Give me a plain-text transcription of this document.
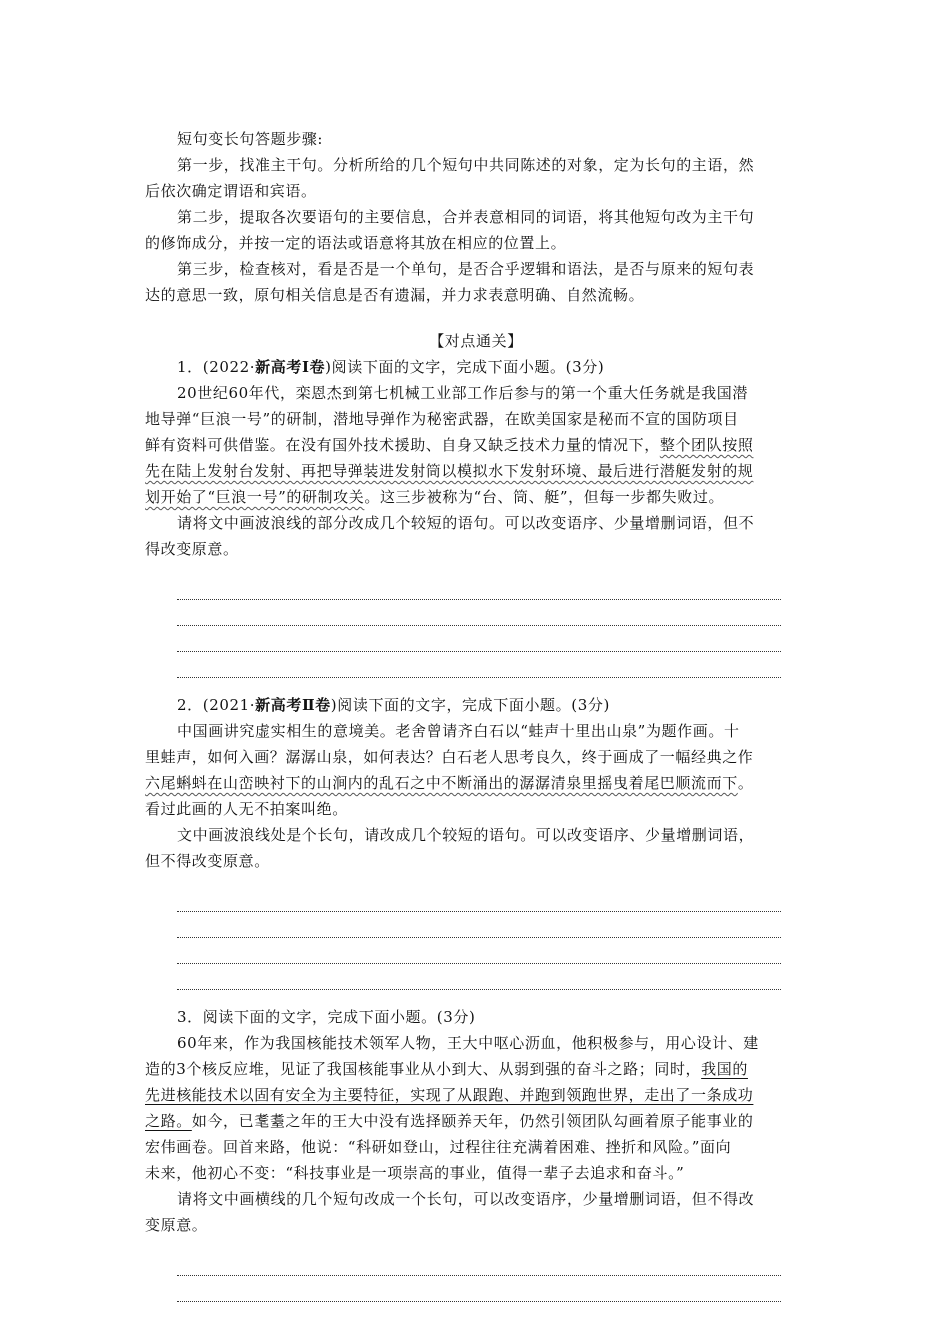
短句变长句答题步骤:
第一步，找准主干句。分析所给的几个短句中共同陈述的对象，定为长句的主语，然
后依次确定谓语和宾语。
第二步，提取各次要语句的主要信息，合并表意相同的词语，将其他短句改为主干句
的修饰成分，并按一定的语法或语意将其放在相应的位置上。
第三步，检查核对，看是否是一个单句，是否合乎逻辑和语法，是否与原来的短句表
达的意思一致，原句相关信息是否有遗漏，并力求表意明确、自然流畅。
【对点通关】
1．(2022·新高考Ⅰ卷)阅读下面的文字，完成下面小题。(3分)
20世纪60年代，栾恩杰到第七机械工业部工作后参与的第一个重大任务就是我国潜
地导弹“巨浪一号”的研制，潜地导弹作为秘密武器，在欧美国家是秘而不宣的国防项目
鲜有资料可供借鉴。在没有国外技术援助、自身又缺乏技术力量的情况下，整个团队按照
先在陆上发射台发射、再把导弹装进发射筒以模拟水下发射环境、最后进行潜艇发射的规
划开始了“巨浪一号”的研制攻关。这三步被称为“台、筒、艇”，但每一步都失败过。
请将文中画波浪线的部分改成几个较短的语句。可以改变语序、少量增删词语，但不
得改变原意。
2．(2021·新高考Ⅱ卷)阅读下面的文字，完成下面小题。(3分)
中国画讲究虚实相生的意境美。老舍曾请齐白石以“蛙声十里出山泉”为题作画。十
里蛙声，如何入画？潺潺山泉，如何表达？白石老人思考良久，终于画成了一幅经典之作
六尾蝌蚪在山峦映衬下的山涧内的乱石之中不断涌出的潺潺清泉里摇曳着尾巴顺流而下。
看过此画的人无不拍案叫绝。
文中画波浪线处是个长句，请改成几个较短的语句。可以改变语序、少量增删词语，
但不得改变原意。
3．阅读下面的文字，完成下面小题。(3分)
60年来，作为我国核能技术领军人物，王大中呕心沥血，他积极参与，用心设计、建
造的3个核反应堆，见证了我国核能事业从小到大、从弱到强的奋斗之路；同时，我国的
先进核能技术以固有安全为主要特征，实现了从跟跑、并跑到领跑世界，走出了一条成功
之路。如今，已耄耋之年的王大中没有选择颐养天年，仍然引领团队勾画着原子能事业的
宏伟画卷。回首来路，他说：“科研如登山，过程往往充满着困难、挫折和风险。”面向
未来，他初心不变：“科技事业是一项崇高的事业，值得一辈子去追求和奋斗。”
请将文中画横线的几个短句改成一个长句，可以改变语序，少量增删词语，但不得改
变原意。
